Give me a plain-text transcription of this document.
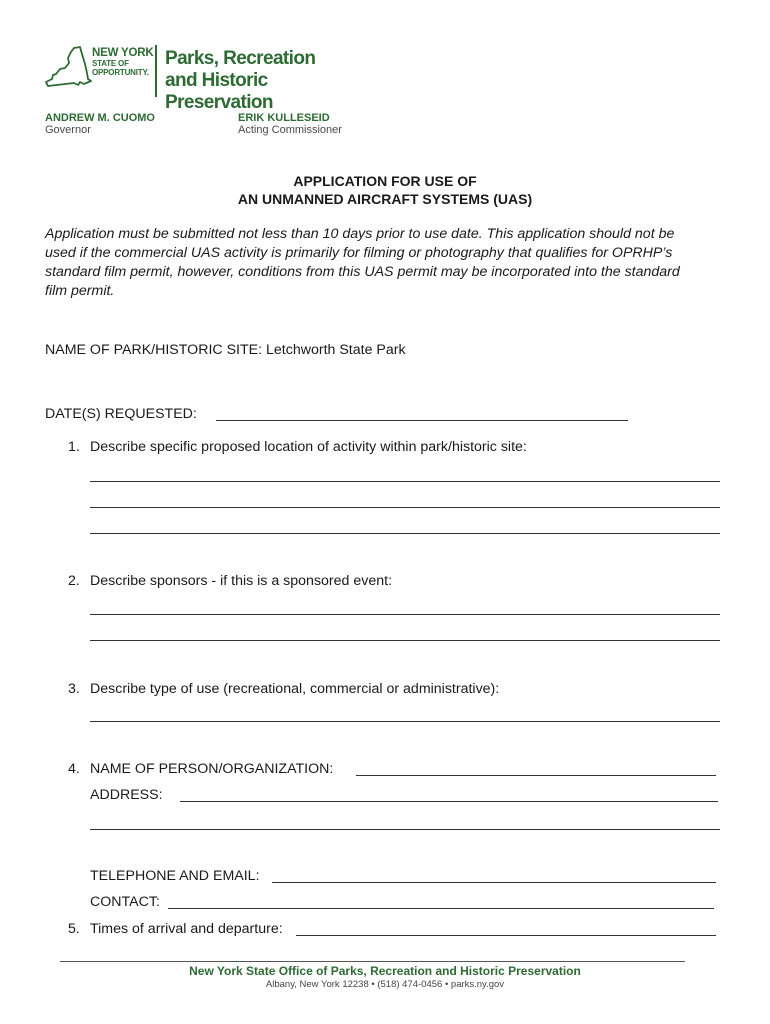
NEW YORK
STATE OF
OPPORTUNITY.
Parks, Recreation
and Historic Preservation
ANDREW M. CUOMO
Governor
ERIK KULLESEID
Acting Commissioner
APPLICATION FOR USE OF
AN UNMANNED AIRCRAFT SYSTEMS (UAS)
Application must be submitted not less than 10 days prior to use date. This application should not be
used if the commercial UAS activity is primarily for filming or photography that qualifies for OPRHP’s
standard film permit, however, conditions from this UAS permit may be incorporated into the standard
film permit.
NAME OF PARK/HISTORIC SITE: Letchworth State Park
DATE(S) REQUESTED:
1. Describe specific proposed location of activity within park/historic site:
2. Describe sponsors - if this is a sponsored event:
3. Describe type of use (recreational, commercial or administrative):
4. NAME OF PERSON/ORGANIZATION:
ADDRESS:
TELEPHONE AND EMAIL:
CONTACT:
5. Times of arrival and departure:
New York State Office of Parks, Recreation and Historic Preservation
Albany, New York 12238 • (518) 474-0456 • parks.ny.gov
